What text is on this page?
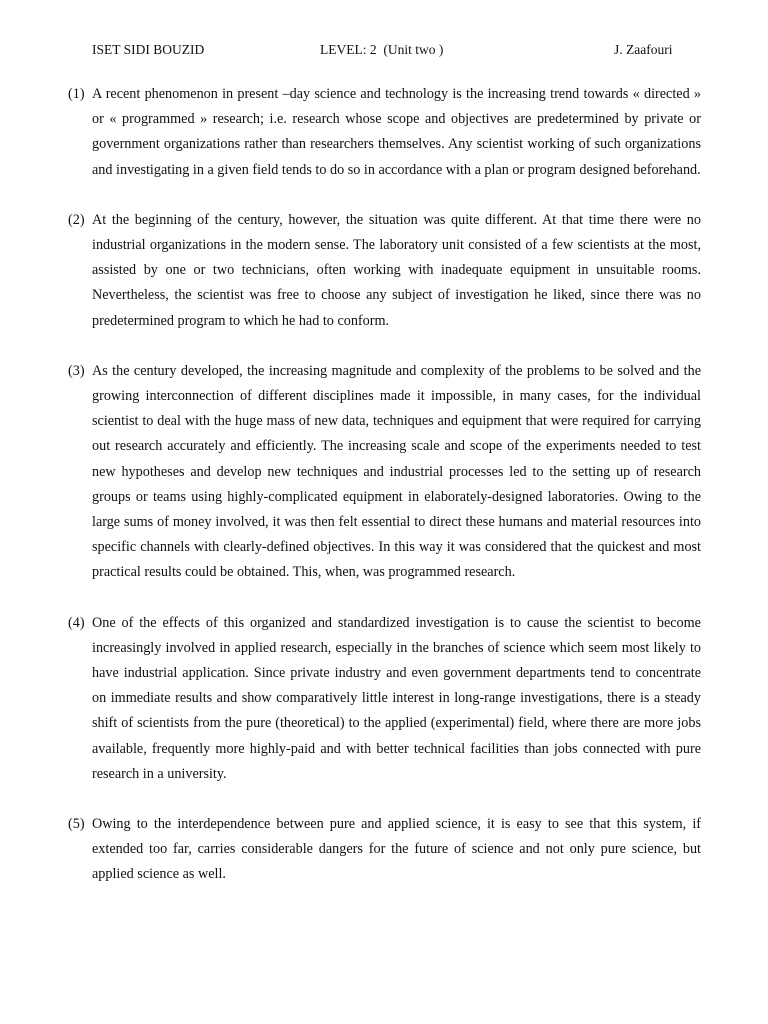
ISET SIDI BOUZID	LEVEL: 2  (Unit two )	J. Zaafouri
(1) A recent phenomenon in present –day science and technology is the increasing trend towards « directed » or « programmed » research; i.e. research whose scope and objectives are predetermined by private or government organizations rather than researchers themselves. Any scientist working of such organizations and investigating in a given field tends to do so in accordance with a plan or program designed beforehand.
(2) At the beginning of the century, however, the situation was quite different. At that time there were no industrial organizations in the modern sense. The laboratory unit consisted of a few scientists at the most, assisted by one or two technicians, often working with inadequate equipment in unsuitable rooms. Nevertheless, the scientist was free to choose any subject of investigation he liked, since there was no predetermined program to which he had to conform.
(3) As the century developed, the increasing magnitude and complexity of the problems to be solved and the growing interconnection of different disciplines made it impossible, in many cases, for the individual scientist to deal with the huge mass of new data, techniques and equipment that were required for carrying out research accurately and efficiently. The increasing scale and scope of the experiments needed to test new hypotheses and develop new techniques and industrial processes led to the setting up of research groups or teams using highly-complicated equipment in elaborately-designed laboratories. Owing to the large sums of money involved, it was then felt essential to direct these humans and material resources into specific channels with clearly-defined objectives. In this way it was considered that the quickest and most practical results could be obtained. This, when, was programmed research.
(4) One of the effects of this organized and standardized investigation is to cause the scientist to become increasingly involved in applied research, especially in the branches of science which seem most likely to have industrial application. Since private industry and even government departments tend to concentrate on immediate results and show comparatively little interest in long-range investigations, there is a steady shift of scientists from the pure (theoretical) to the applied (experimental) field, where there are more jobs available, frequently more highly-paid and with better technical facilities than jobs connected with pure research in a university.
(5) Owing to the interdependence between pure and applied science, it is easy to see that this system, if extended too far, carries considerable dangers for the future of science and not only pure science, but applied science as well.
